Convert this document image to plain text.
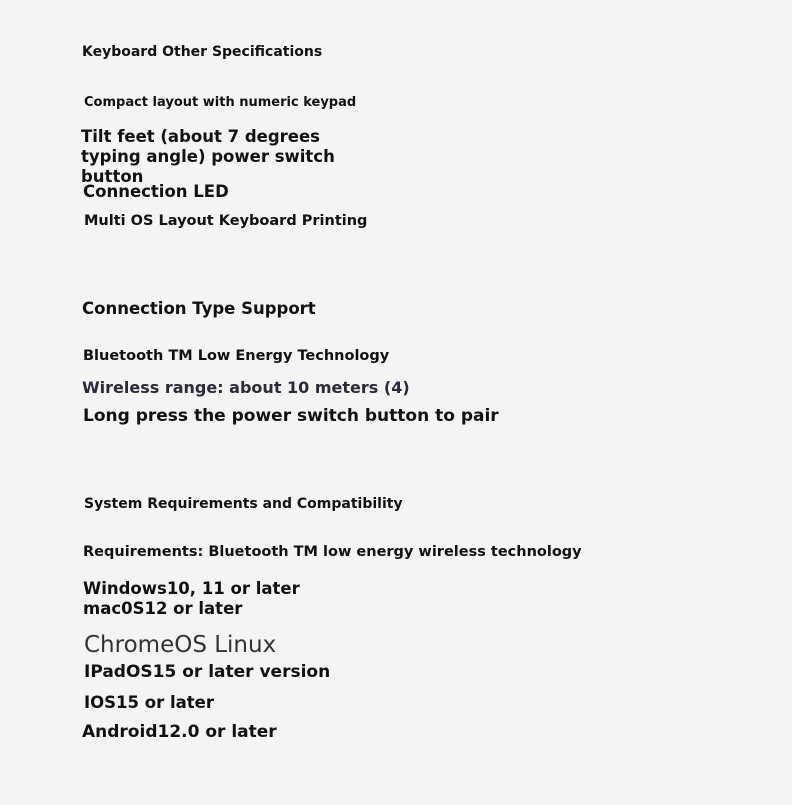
Keyboard Other Specifications

Compact layout with numeric keypad

Tilt feet (about 7 degrees typing angle) power switch button

Connection LED

Multi OS Layout Keyboard Printing

Connection Type Support

Bluetooth TM Low Energy Technology

Wireless range: about 10 meters (4)

Long press the power switch button to pair

System Requirements and Compatibility

Requirements: Bluetooth TM low energy wireless technology

Windows10, 11 or later mac0S12 or later

ChromeOS Linux

IPadOS15 or later version

IOS15 or later

Android12.0 or later
